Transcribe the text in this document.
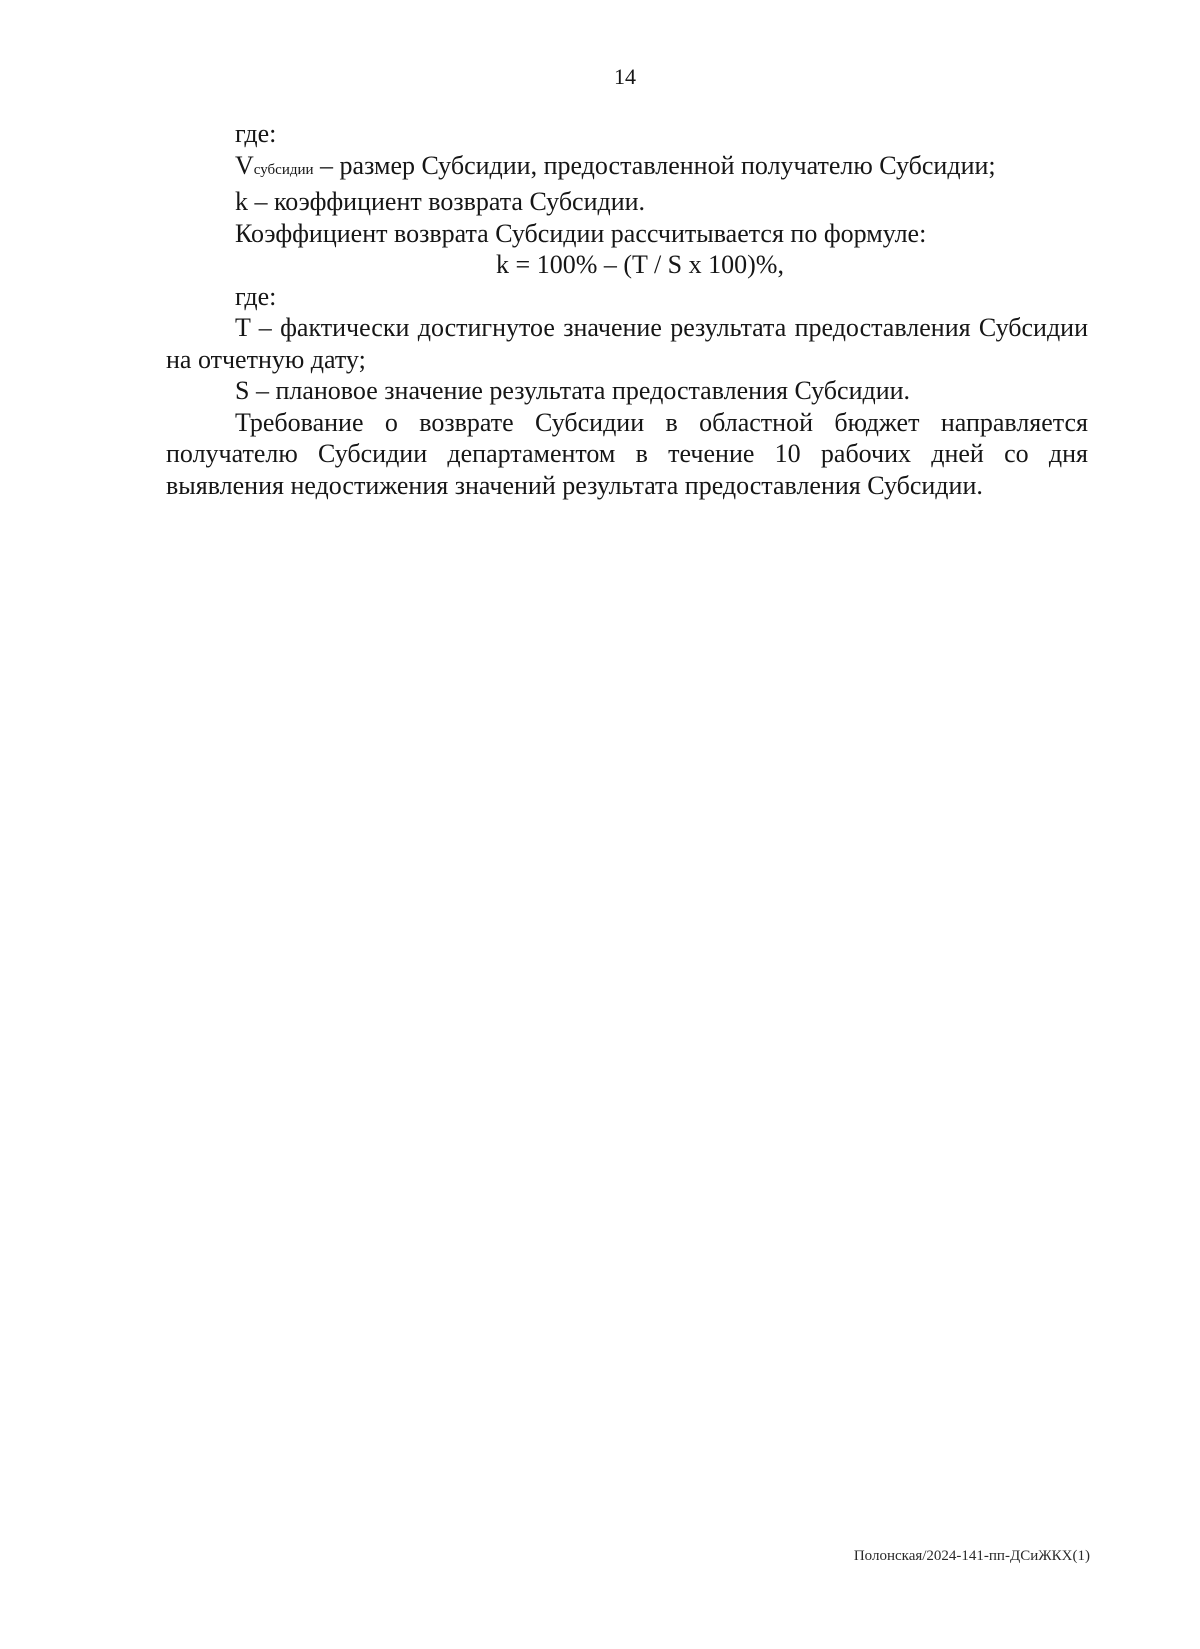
14

где:

Vсубсидии – размер Субсидии, предоставленной получателю Субсидии;

k – коэффициент возврата Субсидии.

Коэффициент возврата Субсидии рассчитывается по формуле:

k = 100% – (T / S x 100)%,

где:

T – фактически достигнутое значение результата предоставления Субсидии на отчетную дату;

S – плановое значение результата предоставления Субсидии.

Требование о возврате Субсидии в областной бюджет направляется получателю Субсидии департаментом в течение 10 рабочих дней со дня выявления недостижения значений результата предоставления Субсидии.

Полонская/2024-141-пп-ДСиЖКХ(1)
